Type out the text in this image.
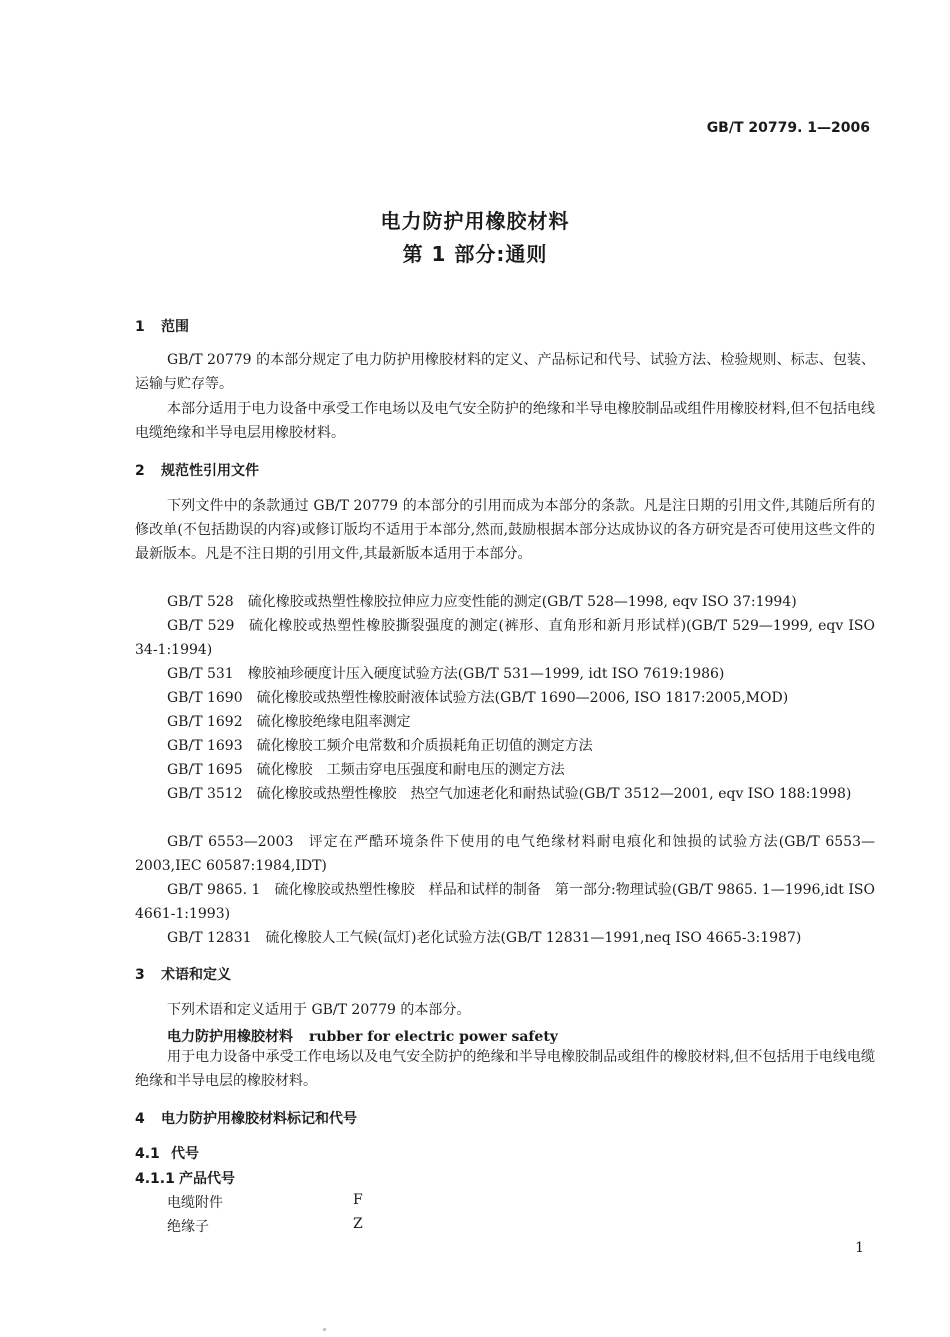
GB/T 20779. 1—2006
电力防护用橡胶材料
第 1 部分:通则
1 范围
GB/T 20779 的本部分规定了电力防护用橡胶材料的定义、产品标记和代号、试验方法、检验规则、标志、包装、运输与贮存等。
本部分适用于电力设备中承受工作电场以及电气安全防护的绝缘和半导电橡胶制品或组件用橡胶材料,但不包括电线电缆绝缘和半导电层用橡胶材料。
2 规范性引用文件
下列文件中的条款通过 GB/T 20779 的本部分的引用而成为本部分的条款。凡是注日期的引用文件,其随后所有的修改单(不包括勘误的内容)或修订版均不适用于本部分,然而,鼓励根据本部分达成协议的各方研究是否可使用这些文件的最新版本。凡是不注日期的引用文件,其最新版本适用于本部分。
GB/T 528 硫化橡胶或热塑性橡胶拉伸应力应变性能的测定(GB/T 528—1998, eqv ISO 37:1994)
GB/T 529 硫化橡胶或热塑性橡胶撕裂强度的测定(裤形、直角形和新月形试样)(GB/T 529—1999, eqv ISO 34-1:1994)
GB/T 531 橡胶袖珍硬度计压入硬度试验方法(GB/T 531—1999, idt ISO 7619:1986)
GB/T 1690 硫化橡胶或热塑性橡胶耐液体试验方法(GB/T 1690—2006, ISO 1817:2005,MOD)
GB/T 1692 硫化橡胶绝缘电阻率测定
GB/T 1693 硫化橡胶工频介电常数和介质损耗角正切值的测定方法
GB/T 1695 硫化橡胶　工频击穿电压强度和耐电压的测定方法
GB/T 3512 硫化橡胶或热塑性橡胶　热空气加速老化和耐热试验(GB/T 3512—2001, eqv ISO 188:1998)
GB/T 6553—2003 评定在严酷环境条件下使用的电气绝缘材料耐电痕化和蚀损的试验方法(GB/T 6553—2003,IEC 60587:1984,IDT)
GB/T 9865. 1 硫化橡胶或热塑性橡胶　样品和试样的制备　第一部分:物理试验(GB/T 9865. 1—1996,idt ISO 4661-1:1993)
GB/T 12831 硫化橡胶人工气候(氙灯)老化试验方法(GB/T 12831—1991,neq ISO 4665-3:1987)
3 术语和定义
下列术语和定义适用于 GB/T 20779 的本部分。
电力防护用橡胶材料 rubber for electric power safety
用于电力设备中承受工作电场以及电气安全防护的绝缘和半导电橡胶制品或组件的橡胶材料,但不包括用于电线电缆绝缘和半导电层的橡胶材料。
4 电力防护用橡胶材料标记和代号
4.1 代号
4.1.1 产品代号
电缆附件	F
绝缘子	Z
1
